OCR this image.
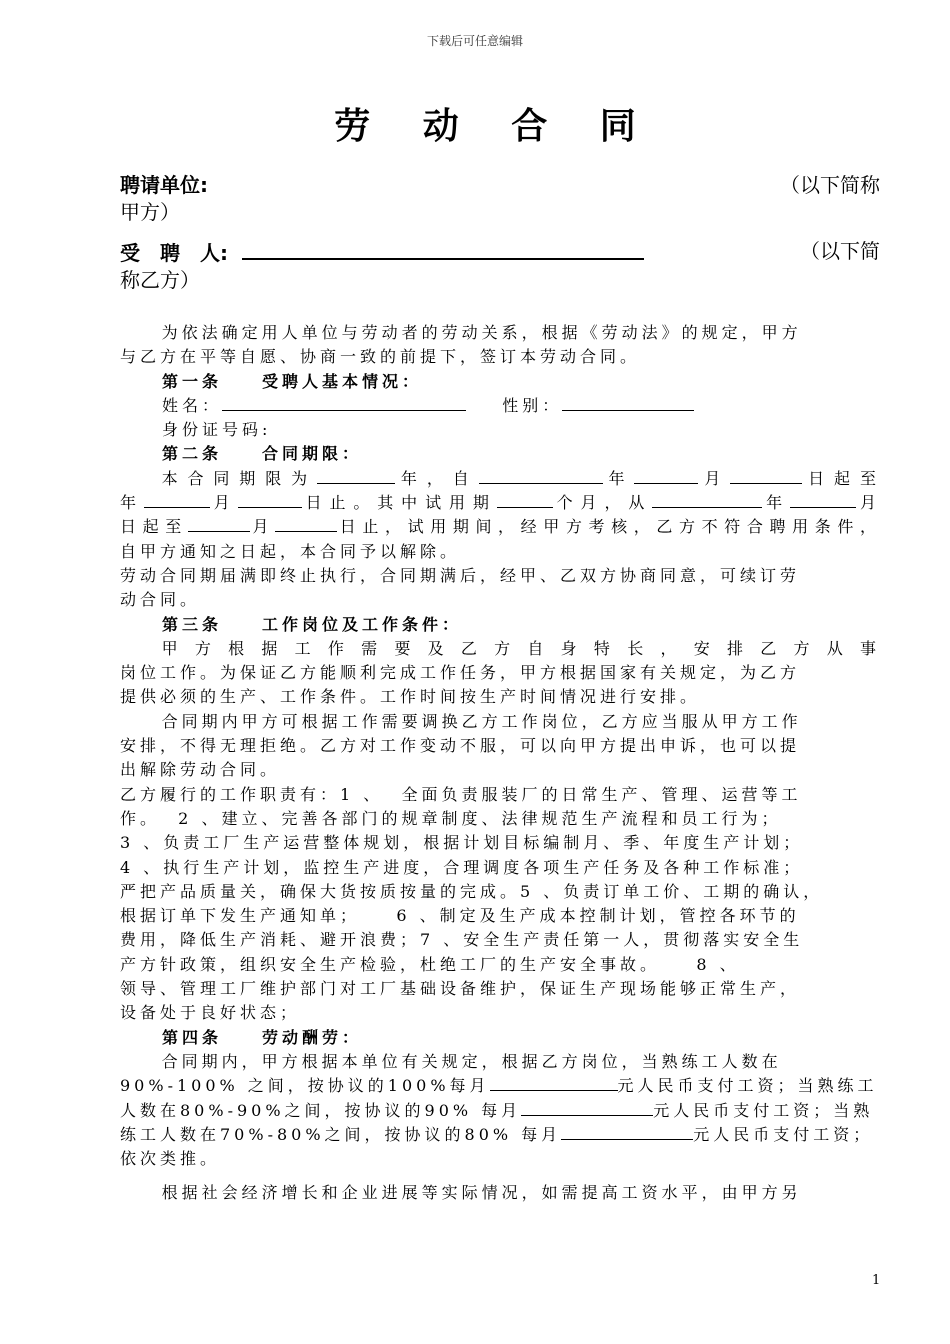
下载后可任意编辑
劳 动 合 同
聘请单位:	（以下简称
甲方）
受　聘　人:	（以下简
称乙方）

为依法确定用人单位与劳动者的劳动关系，根据《劳动法》的规定，甲方

与乙方在平等自愿、协商一致的前提下，签订本劳动合同。

第一条	受聘人基本情况：

姓名：	性别：

身份证号码:

第二条	合同期限：

本合同期限为	年，自	年	月	日起至

年	月	日止。其中试用期	个月，从	年	月

日起至	月	日止，试用期间，经甲方考核，乙方不符合聘用条件，

自甲方通知之日起，本合同予以解除。

劳动合同期届满即终止执行，合同期满后，经甲、乙双方协商同意，可续订劳

动合同。

第三条	工作岗位及工作条件：

甲方根据工作需要及乙方自身特长，安排乙方从事

岗位工作。为保证乙方能顺利完成工作任务，甲方根据国家有关规定，为乙方

提供必须的生产、工作条件。工作时间按生产时间情况进行安排。

合同期内甲方可根据工作需要调换乙方工作岗位，乙方应当服从甲方工作

安排，不得无理拒绝。乙方对工作变动不服，可以向甲方提出申诉，也可以提

出解除劳动合同。

乙方履行的工作职责有：1 、  全面负责服装厂的日常生产、管理、运营等工

作。  2 、建立、完善各部门的规章制度、法律规范生产流程和员工行为；

3 、负责工厂生产运营整体规划，根据计划目标编制月、季、年度生产计划；

4 、执行生产计划，监控生产进度，合理调度各项生产任务及各种工作标准；

严把产品质量关，确保大货按质按量的完成。5 、负责订单工价、工期的确认，

根据订单下发生产通知单；    6 、制定及生产成本控制计划，管控各环节的

费用，降低生产消耗、避开浪费；7 、安全生产责任第一人，贯彻落实安全生

产方针政策，组织安全生产检验，杜绝工厂的生产安全事故。    8 、

领导、管理工厂维护部门对工厂基础设备维护，保证生产现场能够正常生产，

设备处于良好状态；

第四条	劳动酬劳：

合同期内，甲方根据本单位有关规定，根据乙方岗位，当熟练工人数在

90%-100% 之间，按协议的100%每月	元人民币支付工资；当熟练工

人数在80%-90%之间，按协议的90% 每月	元人民币支付工资；当熟

练工人数在70%-80%之间，按协议的80% 每月	元人民币支付工资；

依次类推。

根据社会经济增长和企业进展等实际情况，如需提高工资水平，由甲方另

1
